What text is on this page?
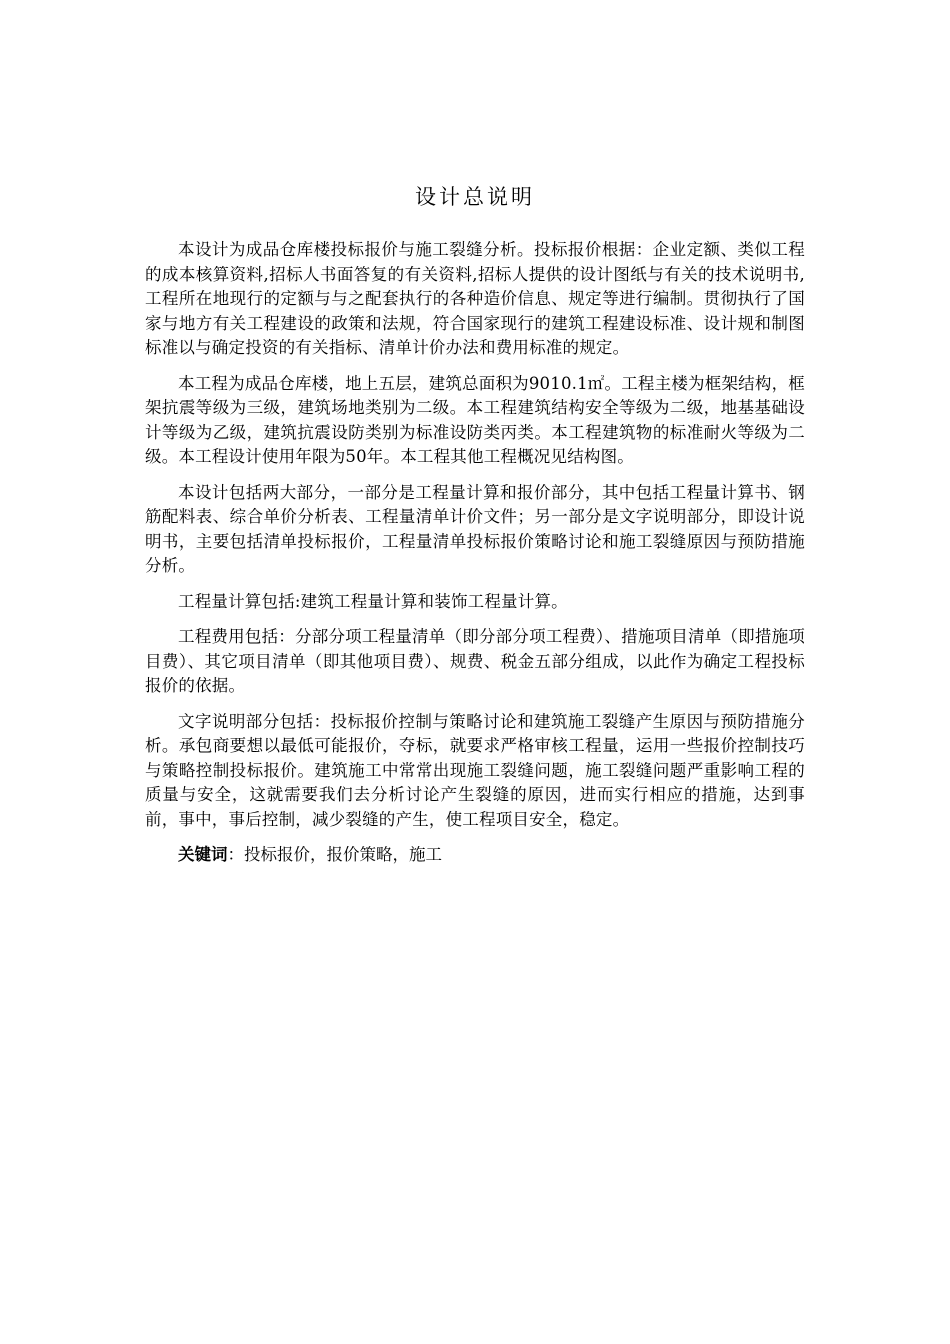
设计总说明

本设计为成品仓库楼投标报价与施工裂缝分析。投标报价根据：企业定额、类似工程的成本核算资料,招标人书面答复的有关资料,招标人提供的设计图纸与有关的技术说明书,工程所在地现行的定额与与之配套执行的各种造价信息、规定等进行编制。贯彻执行了国家与地方有关工程建设的政策和法规，符合国家现行的建筑工程建设标准、设计规和制图标准以与确定投资的有关指标、清单计价办法和费用标准的规定。

本工程为成品仓库楼，地上五层，建筑总面积为9010.1㎡。工程主楼为框架结构，框架抗震等级为三级，建筑场地类别为二级。本工程建筑结构安全等级为二级，地基基础设计等级为乙级，建筑抗震设防类别为标准设防类丙类。本工程建筑物的标准耐火等级为二级。本工程设计使用年限为50年。本工程其他工程概况见结构图。

本设计包括两大部分，一部分是工程量计算和报价部分，其中包括工程量计算书、钢筋配料表、综合单价分析表、工程量清单计价文件；另一部分是文字说明部分，即设计说明书，主要包括清单投标报价，工程量清单投标报价策略讨论和施工裂缝原因与预防措施分析。

工程量计算包括:建筑工程量计算和装饰工程量计算。

工程费用包括：分部分项工程量清单（即分部分项工程费）、措施项目清单（即措施项目费）、其它项目清单（即其他项目费）、规费、税金五部分组成，以此作为确定工程投标报价的依据。

文字说明部分包括：投标报价控制与策略讨论和建筑施工裂缝产生原因与预防措施分析。承包商要想以最低可能报价，夺标，就要求严格审核工程量，运用一些报价控制技巧与策略控制投标报价。建筑施工中常常出现施工裂缝问题，施工裂缝问题严重影响工程的质量与安全，这就需要我们去分析讨论产生裂缝的原因，进而实行相应的措施，达到事前，事中，事后控制，减少裂缝的产生，使工程项目安全，稳定。

关键词：投标报价，报价策略，施工
